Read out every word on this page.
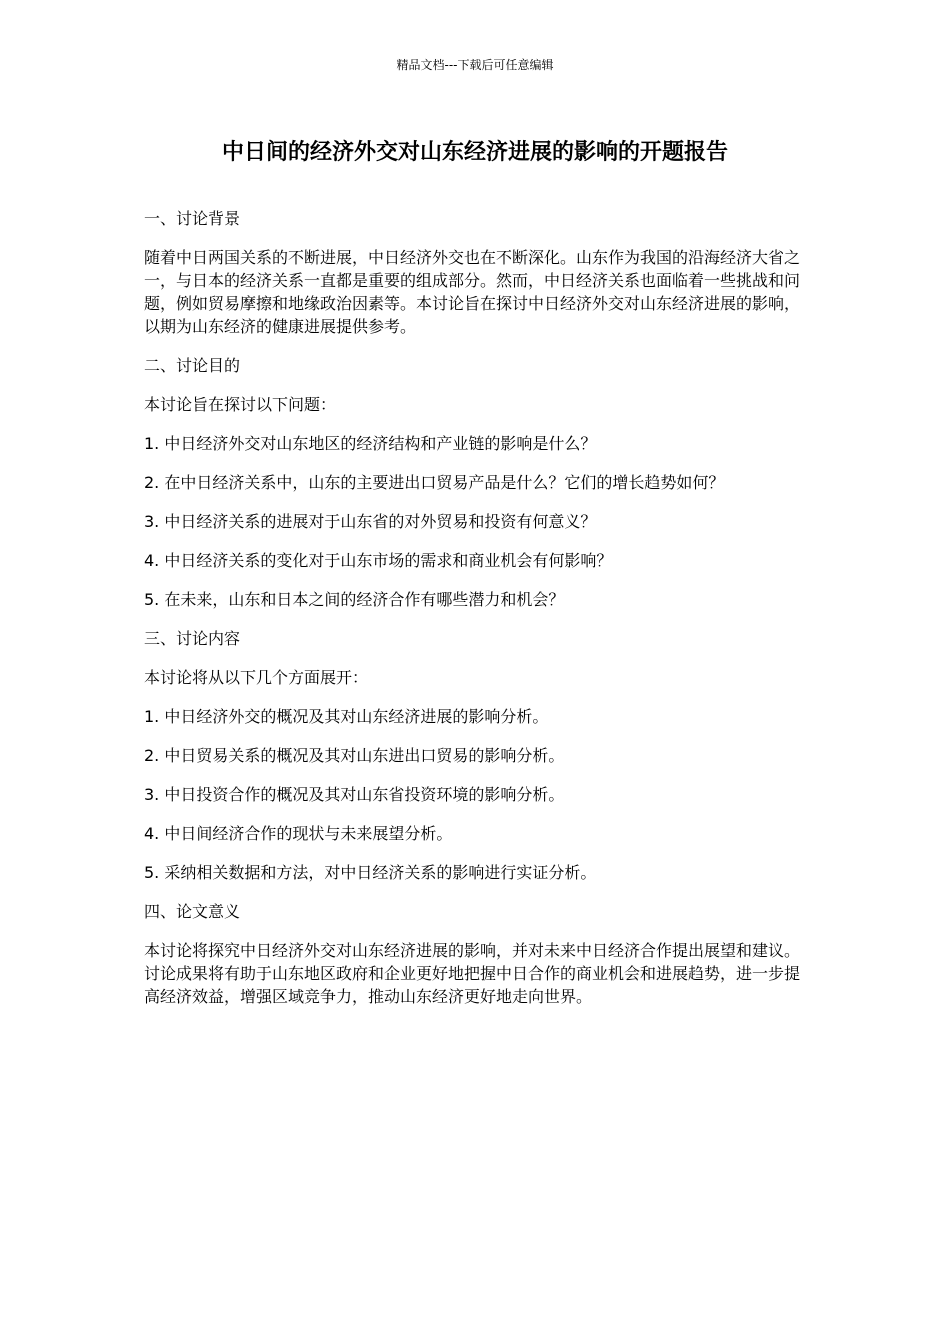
精品文档---下载后可任意编辑
中日间的经济外交对山东经济进展的影响的开题报告

一、讨论背景

随着中日两国关系的不断进展，中日经济外交也在不断深化。山东作为我国的沿海经济大省之一，与日本的经济关系一直都是重要的组成部分。然而，中日经济关系也面临着一些挑战和问题，例如贸易摩擦和地缘政治因素等。本讨论旨在探讨中日经济外交对山东经济进展的影响，以期为山东经济的健康进展提供参考。

二、讨论目的

本讨论旨在探讨以下问题：

1. 中日经济外交对山东地区的经济结构和产业链的影响是什么？

2. 在中日经济关系中，山东的主要进出口贸易产品是什么？它们的增长趋势如何？

3. 中日经济关系的进展对于山东省的对外贸易和投资有何意义？

4. 中日经济关系的变化对于山东市场的需求和商业机会有何影响？

5. 在未来，山东和日本之间的经济合作有哪些潜力和机会？

三、讨论内容

本讨论将从以下几个方面展开：

1. 中日经济外交的概况及其对山东经济进展的影响分析。

2. 中日贸易关系的概况及其对山东进出口贸易的影响分析。

3. 中日投资合作的概况及其对山东省投资环境的影响分析。

4. 中日间经济合作的现状与未来展望分析。

5. 采纳相关数据和方法，对中日经济关系的影响进行实证分析。

四、论文意义

本讨论将探究中日经济外交对山东经济进展的影响，并对未来中日经济合作提出展望和建议。讨论成果将有助于山东地区政府和企业更好地把握中日合作的商业机会和进展趋势，进一步提高经济效益，增强区域竞争力，推动山东经济更好地走向世界。
